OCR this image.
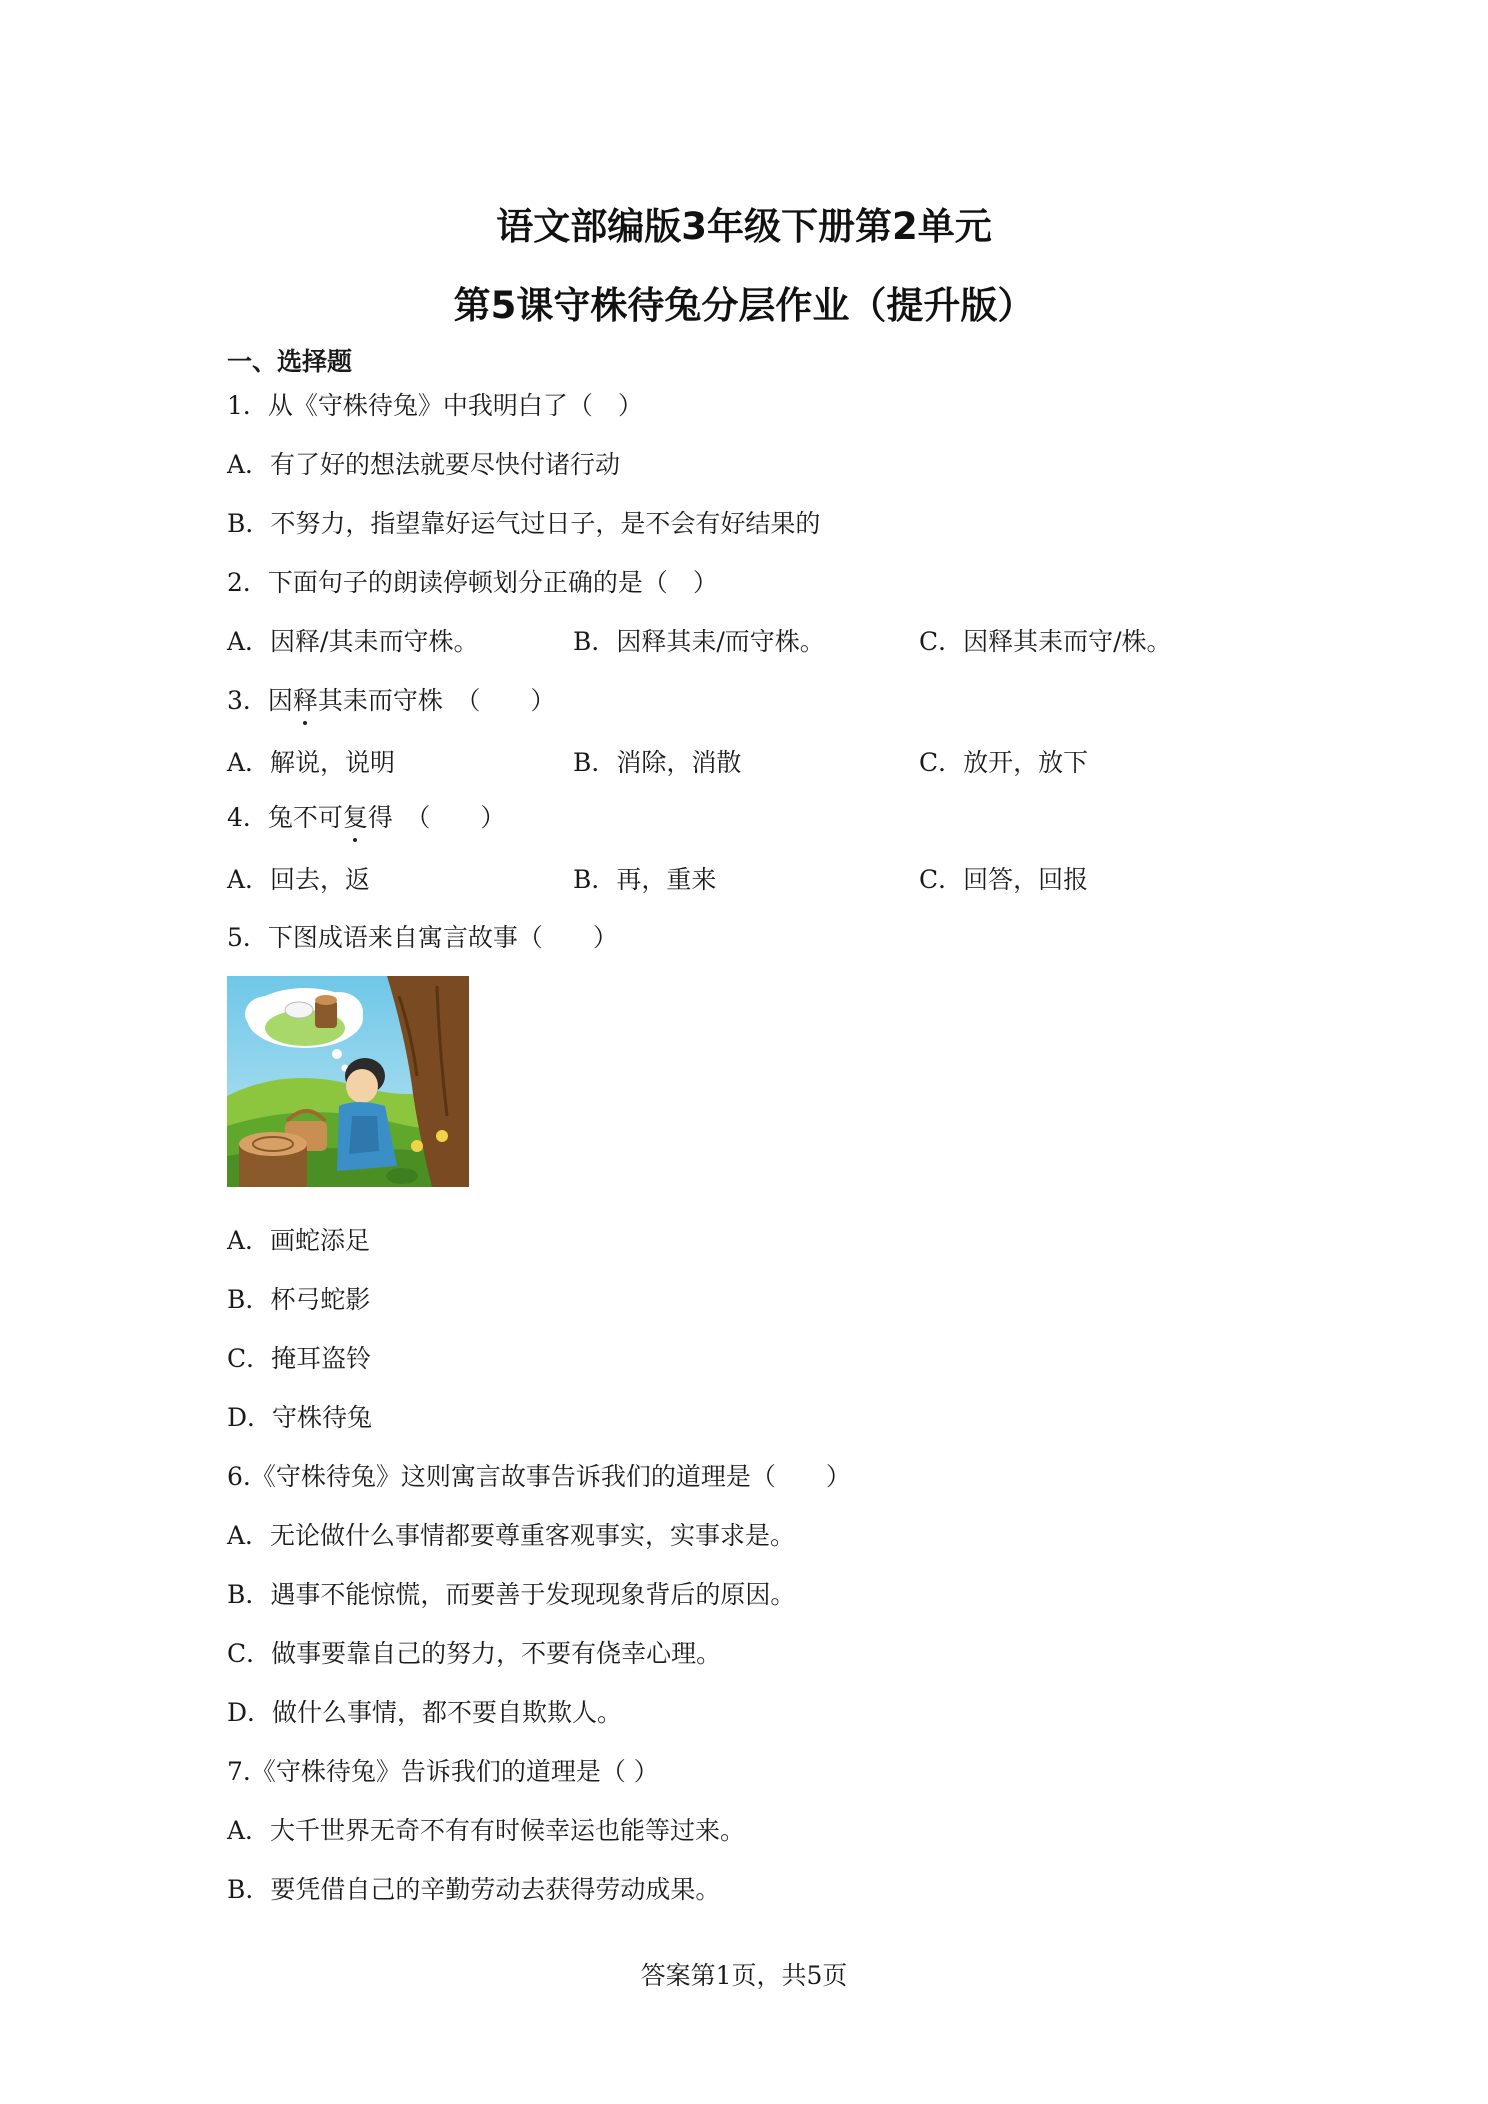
语文部编版3年级下册第2单元
第5课守株待兔分层作业（提升版）
一、选择题
1．从《守株待兔》中我明白了（　）
A．有了好的想法就要尽快付诸行动
B．不努力，指望靠好运气过日子，是不会有好结果的
2．下面句子的朗读停顿划分正确的是（　）
A．因释/其耒而守株。	B．因释其耒/而守株。	C．因释其耒而守/株。
3．因释其耒而守株　（　　）
A．解说，说明	B．消除，消散	C．放开，放下
4．兔不可复得　（　　）
A．回去，返	B．再，重来	C．回答，回报
5．下图成语来自寓言故事（　　）
A．画蛇添足
B．杯弓蛇影
C．掩耳盗铃
D．守株待兔
6.《守株待兔》这则寓言故事告诉我们的道理是（　　）
A．无论做什么事情都要尊重客观事实，实事求是。
B．遇事不能惊慌，而要善于发现现象背后的原因。
C．做事要靠自己的努力，不要有侥幸心理。
D．做什么事情，都不要自欺欺人。
7.《守株待兔》告诉我们的道理是（ ）
A．大千世界无奇不有有时候幸运也能等过来。
B．要凭借自己的辛勤劳动去获得劳动成果。
答案第1页，共5页
